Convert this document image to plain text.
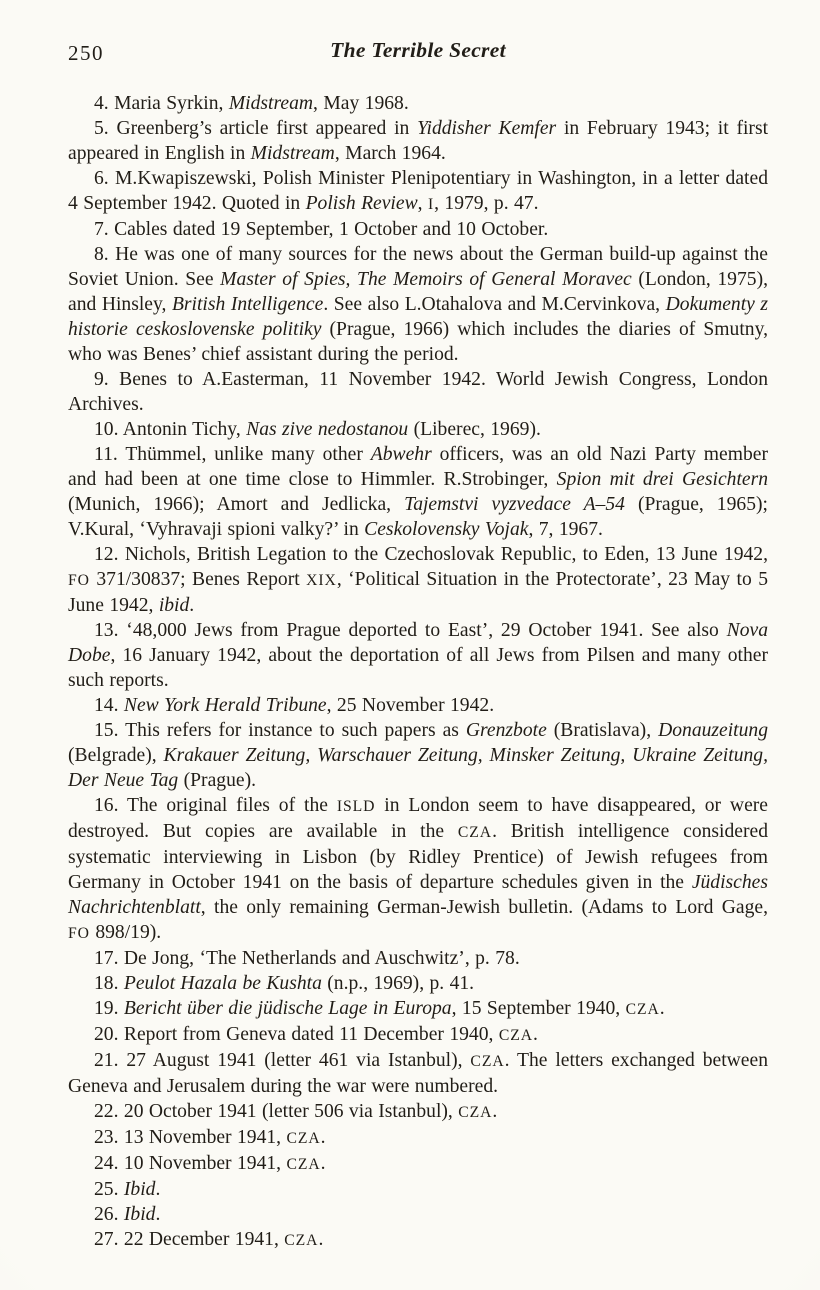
250	The Terrible Secret

4. Maria Syrkin, Midstream, May 1968.

5. Greenberg’s article first appeared in Yiddisher Kemfer in February 1943; it first appeared in English in Midstream, March 1964.

6. M.Kwapiszewski, Polish Minister Plenipotentiary in Washington, in a letter dated 4 September 1942. Quoted in Polish Review, I, 1979, p. 47.

7. Cables dated 19 September, 1 October and 10 October.

8. He was one of many sources for the news about the German build-up against the Soviet Union. See Master of Spies, The Memoirs of General Moravec (London, 1975), and Hinsley, British Intelligence. See also L.Otahalova and M.Cervinkova, Dokumenty z historie ceskoslovenske politiky (Prague, 1966) which includes the diaries of Smutny, who was Benes’ chief assistant during the period.

9. Benes to A.Easterman, 11 November 1942. World Jewish Congress, London Archives.

10. Antonin Tichy, Nas zive nedostanou (Liberec, 1969).

11. Thümmel, unlike many other Abwehr officers, was an old Nazi Party member and had been at one time close to Himmler. R.Strobinger, Spion mit drei Gesichtern (Munich, 1966); Amort and Jedlicka, Tajemstvi vyzvedace A–54 (Prague, 1965); V.Kural, ‘Vyhravaji spioni valky?’ in Ceskolovensky Vojak, 7, 1967.

12. Nichols, British Legation to the Czechoslovak Republic, to Eden, 13 June 1942, FO 371/30837; Benes Report XIX, ‘Political Situation in the Protectorate’, 23 May to 5 June 1942, ibid.

13. ‘48,000 Jews from Prague deported to East’, 29 October 1941. See also Nova Dobe, 16 January 1942, about the deportation of all Jews from Pilsen and many other such reports.

14. New York Herald Tribune, 25 November 1942.

15. This refers for instance to such papers as Grenzbote (Bratislava), Donauzeitung (Belgrade), Krakauer Zeitung, Warschauer Zeitung, Minsker Zeitung, Ukraine Zeitung, Der Neue Tag (Prague).

16. The original files of the ISLD in London seem to have disappeared, or were destroyed. But copies are available in the CZA. British intelligence considered systematic interviewing in Lisbon (by Ridley Prentice) of Jewish refugees from Germany in October 1941 on the basis of departure schedules given in the Jüdisches Nachrichtenblatt, the only remaining German-Jewish bulletin. (Adams to Lord Gage, FO 898/19).

17. De Jong, ‘The Netherlands and Auschwitz’, p. 78.

18. Peulot Hazala be Kushta (n.p., 1969), p. 41.

19. Bericht über die jüdische Lage in Europa, 15 September 1940, CZA.

20. Report from Geneva dated 11 December 1940, CZA.

21. 27 August 1941 (letter 461 via Istanbul), CZA. The letters exchanged between Geneva and Jerusalem during the war were numbered.

22. 20 October 1941 (letter 506 via Istanbul), CZA.

23. 13 November 1941, CZA.

24. 10 November 1941, CZA.

25. Ibid.

26. Ibid.

27. 22 December 1941, CZA.
